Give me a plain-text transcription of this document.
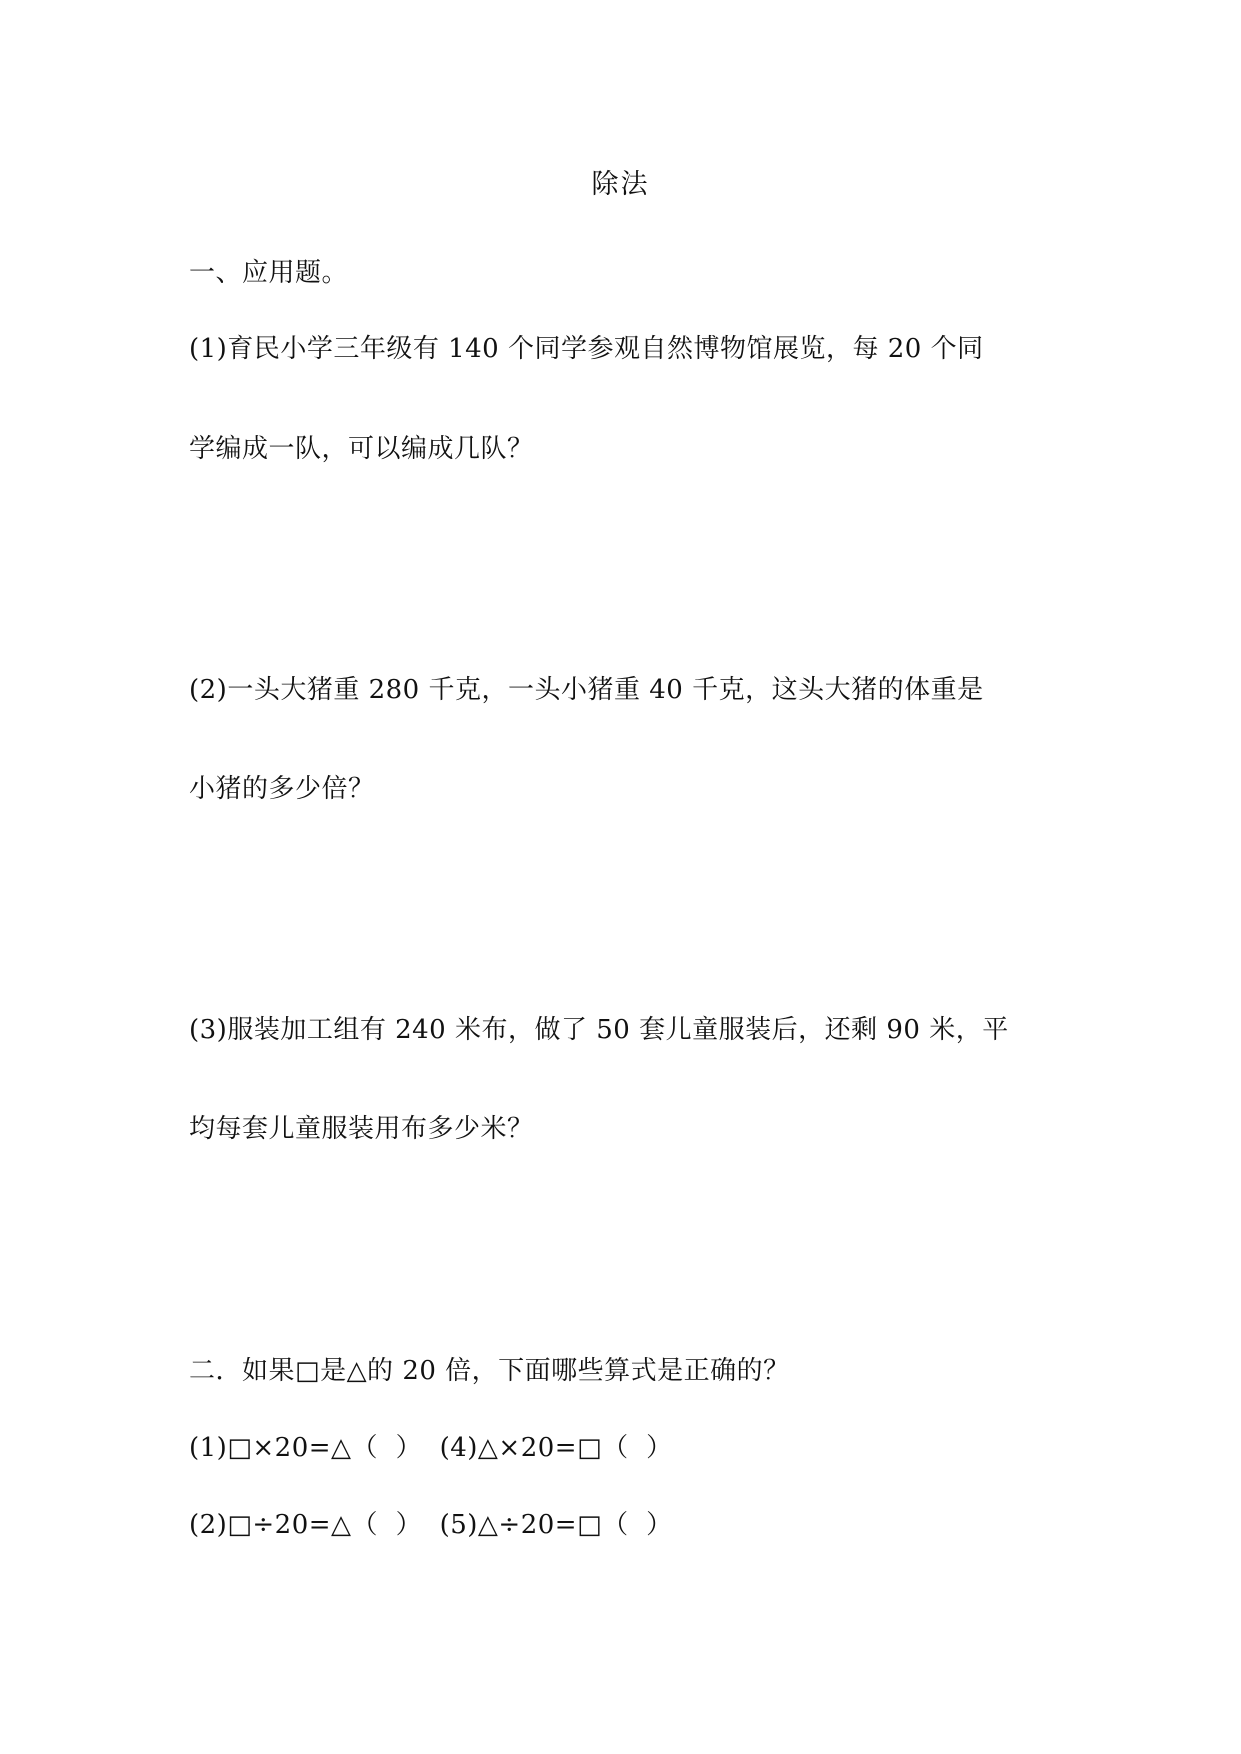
除法
一、应用题。
(1)育民小学三年级有 140 个同学参观自然博物馆展览，每 20 个同
学编成一队，可以编成几队？
(2)一头大猪重 280 千克，一头小猪重 40 千克，这头大猪的体重是
小猪的多少倍？
(3)服装加工组有 240 米布，做了 50 套儿童服装后，还剩 90 米，平
均每套儿童服装用布多少米？
二．如果□是△的 20 倍，下面哪些算式是正确的？
(1)□×20=△（  ）  (4)△×20=□（  ）
(2)□÷20=△（  ）  (5)△÷20=□（  ）
